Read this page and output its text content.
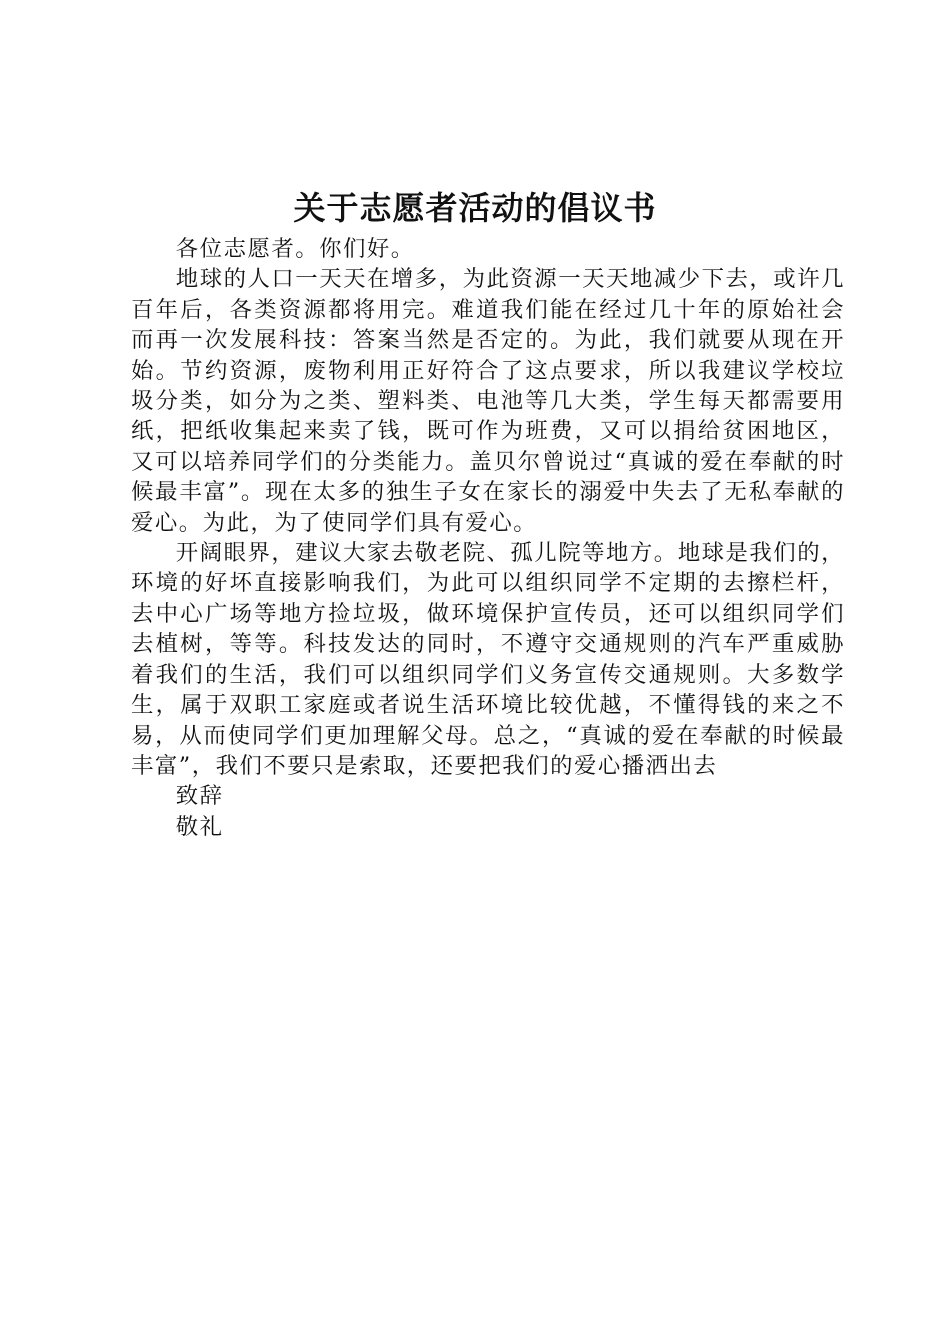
关于志愿者活动的倡议书

各位志愿者。你们好。

地球的人口一天天在增多，为此资源一天天地减少下去，或许几百年后，各类资源都将用完。难道我们能在经过几十年的原始社会而再一次发展科技：答案当然是否定的。为此，我们就要从现在开始。节约资源，废物利用正好符合了这点要求，所以我建议学校垃圾分类，如分为之类、塑料类、电池等几大类，学生每天都需要用纸，把纸收集起来卖了钱，既可作为班费，又可以捐给贫困地区，又可以培养同学们的分类能力。盖贝尔曾说过“真诚的爱在奉献的时候最丰富”。现在太多的独生子女在家长的溺爱中失去了无私奉献的爱心。为此，为了使同学们具有爱心。

开阔眼界，建议大家去敬老院、孤儿院等地方。地球是我们的，环境的好坏直接影响我们，为此可以组织同学不定期的去擦栏杆，去中心广场等地方捡垃圾，做环境保护宣传员，还可以组织同学们去植树，等等。科技发达的同时，不遵守交通规则的汽车严重威胁着我们的生活，我们可以组织同学们义务宣传交通规则。大多数学生，属于双职工家庭或者说生活环境比较优越，不懂得钱的来之不易，从而使同学们更加理解父母。总之，“真诚的爱在奉献的时候最丰富”，我们不要只是索取，还要把我们的爱心播洒出去

致辞

敬礼
